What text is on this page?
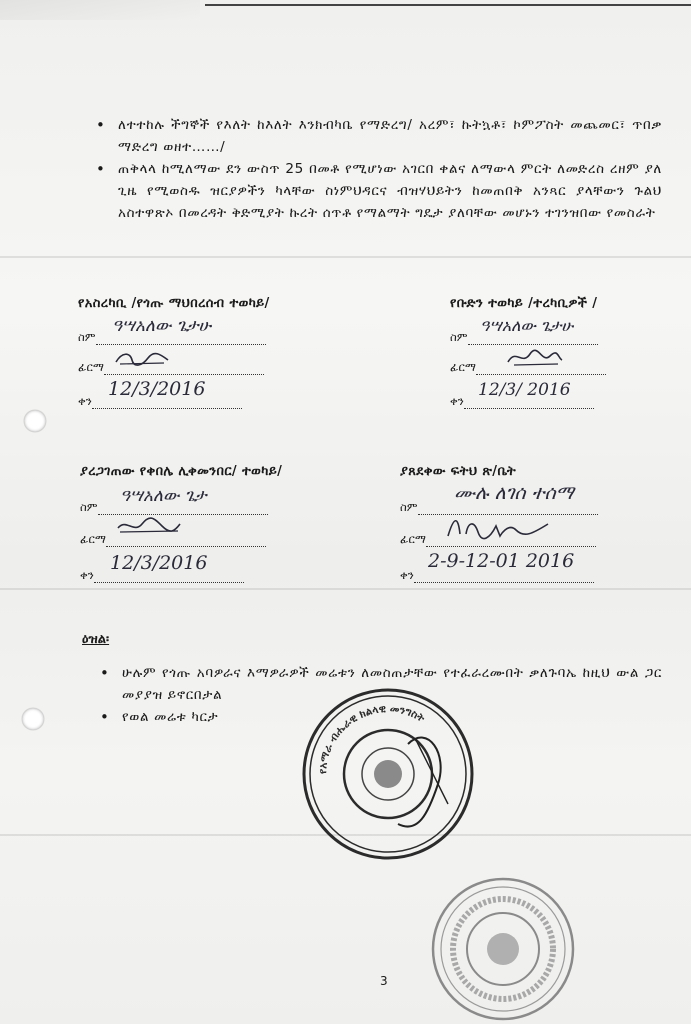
• ለተተከሉ ችግኞች የእለት ከእለት እንክብካቤ የማድረግ/ አረም፣ ኩትኳቶ፣ ኮምፖስት መጨመር፣ ጥበቃ ማድረግ ወዘተ……/
• ጠቅላላ ከሚለማው ደን ውስጥ 25 በመቶ የሚሆነው አገርበ ቀልና ለማውላ ምርት ለመድረስ ረዘም ያለ ጊዜ የሚወስዱ ዝርያዎችን ካላቸው ስነምህዳርና ብዝሃህይትን ከመጠበቅ አንጻር ያላቸውን ጉልህ አስተዋጽኦ በመረዳት ቅድሚያት ኩረት ሰጥቶ የማልማት ግዴታ ያለባቸው መሆኑን ተገንዝበው የመስራት
የአስረካቢ /የጎጡ ማህበረሰብ ተወካይ/
ስም
ዓሣአለው ጌታሁ
ፊርማ
ቀን
12/3/2016
የቡድን ተወካይ /ተረካቢዎች /
ስም
ዓሣአለው ጌታሁ
ፊርማ
ቀን
12/3/ 2016
ያረጋገጠው የቀበሌ ሊቀመንበር/ ተወካይ/
ስም
ዓሣአለው ጌታ
ፊርማ
ቀን
12/3/2016
ያጸደቀው ፍትህ ጽ/ቤት
ስም
ሙሉ ለገሰ ተሰማ
ፊርማ
ቀን
2-9-12-01 2016
ዕዝል፡
• ሁሉም የጎጡ አባዎራና እማዎራዎች መሬቱን ለመስጠታቸው የተፈራረሙበት ቃለጉባኤ ከዚህ ውል ጋር መያያዝ ይኖርበታል
• የወል መሬቱ ካርታ
የአማራ ብሔራዊ ክልላዊ መንግስት
3
